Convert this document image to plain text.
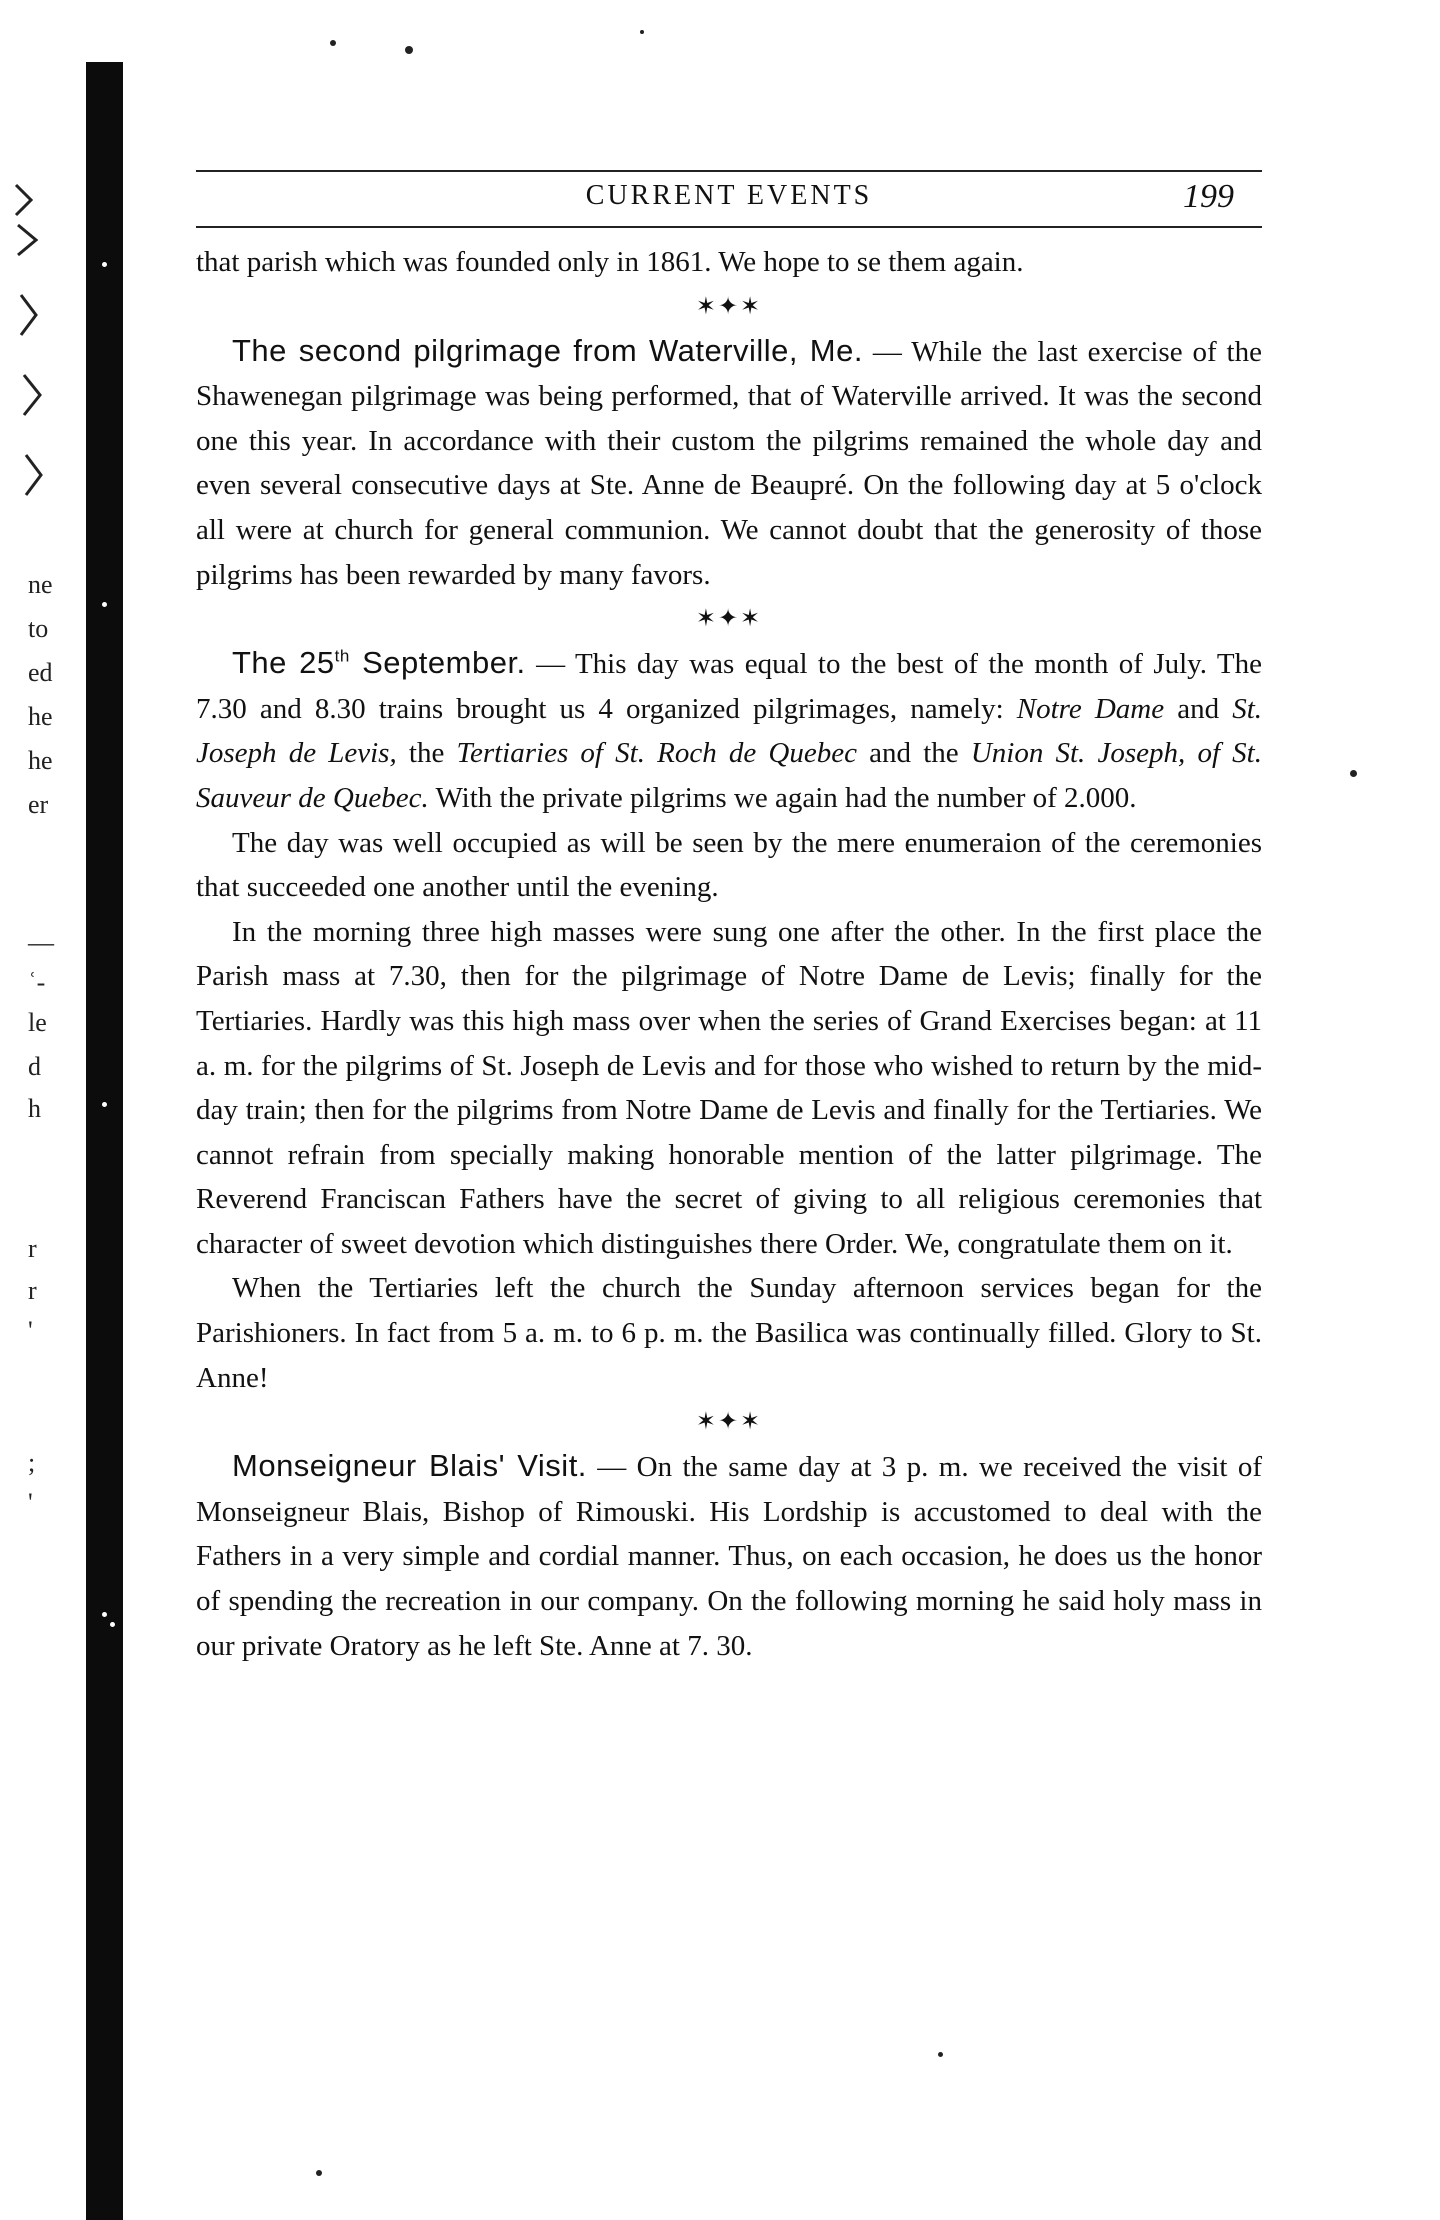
ne
to
ed
he
he
er
—
ʿ-
le
d
h
r
r
'
;
'
CURRENT EVENTS	199

that parish which was founded only in 1861. We hope to se them again.

✶✦✶

The second pilgrimage from Waterville, Me. — While the last exercise of the Shawenegan pilgrimage was being performed, that of Waterville arrived. It was the second one this year. In accordance with their custom the pilgrims remained the whole day and even several consecutive days at Ste. Anne de Beaupré. On the following day at 5 o'clock all were at church for general communion. We cannot doubt that the generosity of those pilgrims has been rewarded by many favors.

✶✦✶

The 25th September. — This day was equal to the best of the month of July. The 7.30 and 8.30 trains brought us 4 organized pilgrimages, namely: Notre Dame and St. Joseph de Levis, the Tertiaries of St. Roch de Quebec and the Union St. Joseph, of St. Sauveur de Quebec. With the private pilgrims we again had the number of 2.000.

The day was well occupied as will be seen by the mere enumeraion of the ceremonies that succeeded one another until the evening.

In the morning three high masses were sung one after the other. In the first place the Parish mass at 7.30, then for the pilgrimage of Notre Dame de Levis; finally for the Tertiaries. Hardly was this high mass over when the series of Grand Exercises began: at 11 a. m. for the pilgrims of St. Joseph de Levis and for those who wished to return by the mid-day train; then for the pilgrims from Notre Dame de Levis and finally for the Tertiaries. We cannot refrain from specially making honorable mention of the latter pilgrimage. The Reverend Franciscan Fathers have the secret of giving to all religious ceremonies that character of sweet devotion which distinguishes there Order. We, congratulate them on it.

When the Tertiaries left the church the Sunday afternoon services began for the Parishioners. In fact from 5 a. m. to 6 p. m. the Basilica was continually filled. Glory to St. Anne!

✶✦✶

Monseigneur Blais' Visit. — On the same day at 3 p. m. we received the visit of Monseigneur Blais, Bishop of Rimouski. His Lordship is accustomed to deal with the Fathers in a very simple and cordial manner. Thus, on each occasion, he does us the honor of spending the recreation in our company. On the following morning he said holy mass in our private Oratory as he left Ste. Anne at 7. 30.
